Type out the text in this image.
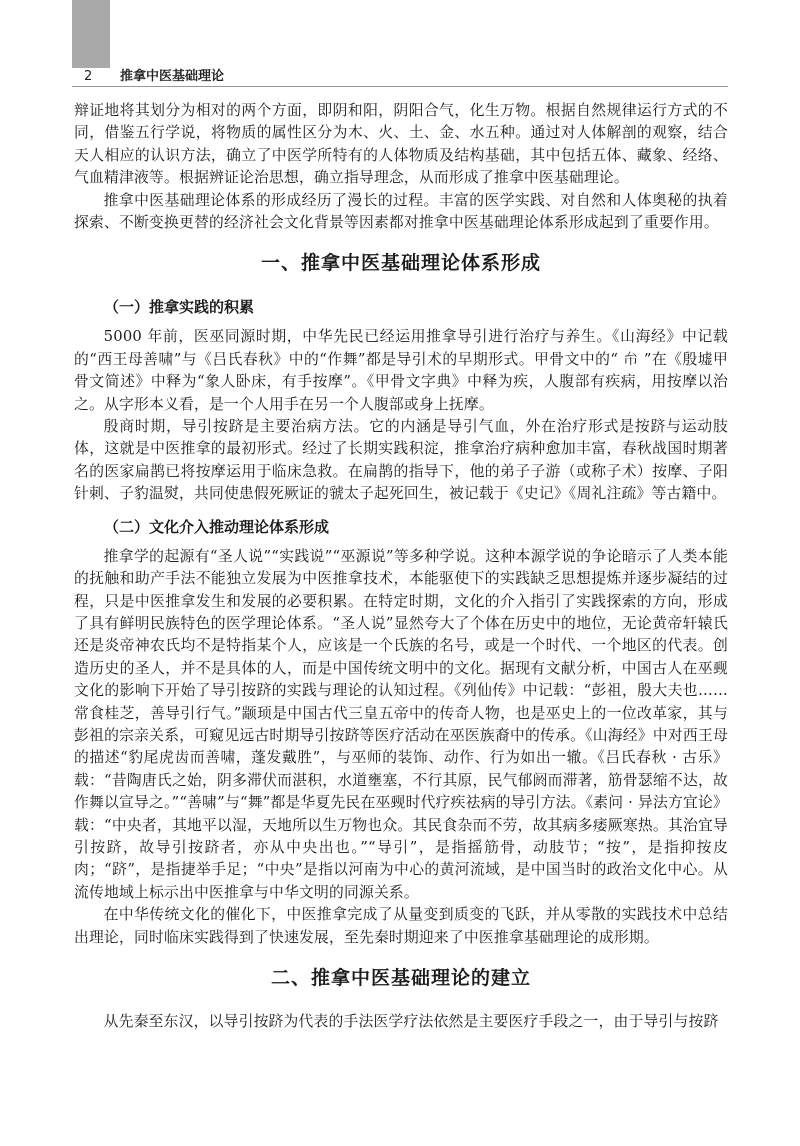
2 推拿中医基础理论

辩证地将其划分为相对的两个方面，即阴和阳，阴阳合气，化生万物。根据自然规律运行方式的不同，借鉴五行学说，将物质的属性区分为木、火、土、金、水五种。通过对人体解剖的观察，结合天人相应的认识方法，确立了中医学所特有的人体物质及结构基础，其中包括五体、藏象、经络、气血精津液等。根据辨证论治思想，确立指导理念，从而形成了推拿中医基础理论。

推拿中医基础理论体系的形成经历了漫长的过程。丰富的医学实践、对自然和人体奥秘的执着探索、不断变换更替的经济社会文化背景等因素都对推拿中医基础理论体系形成起到了重要作用。

一、推拿中医基础理论体系形成
（一）推拿实践的积累

5000 年前，医巫同源时期，中华先民已经运用推拿导引进行治疗与养生。《山海经》中记载的“西王母善啸”与《吕氏春秋》中的“作舞”都是导引术的早期形式。甲骨文中的“ 𢁔 ”在《殷墟甲骨文简述》中释为“象人卧床，有手按摩”。《甲骨文字典》中释为疾，人腹部有疾病，用按摩以治之。从字形本义看，是一个人用手在另一个人腹部或身上抚摩。

殷商时期，导引按跻是主要治病方法。它的内涵是导引气血，外在治疗形式是按跻与运动肢体，这就是中医推拿的最初形式。经过了长期实践积淀，推拿治疗病种愈加丰富，春秋战国时期著名的医家扁鹊已将按摩运用于临床急救。在扁鹊的指导下，他的弟子子游（或称子术）按摩、子阳针刺、子豹温熨，共同使患假死厥证的虢太子起死回生，被记载于《史记》《周礼注疏》等古籍中。

（二）文化介入推动理论体系形成

推拿学的起源有“圣人说”“实践说”“巫源说”等多种学说。这种本源学说的争论暗示了人类本能的抚触和助产手法不能独立发展为中医推拿技术，本能驱使下的实践缺乏思想提炼并逐步凝结的过程，只是中医推拿发生和发展的必要积累。在特定时期，文化的介入指引了实践探索的方向，形成了具有鲜明民族特色的医学理论体系。“圣人说”显然夸大了个体在历史中的地位，无论黄帝轩辕氏还是炎帝神农氏均不是特指某个人，应该是一个氏族的名号，或是一个时代、一个地区的代表。创造历史的圣人，并不是具体的人，而是中国传统文明中的文化。据现有文献分析，中国古人在巫觋文化的影响下开始了导引按跻的实践与理论的认知过程。《列仙传》中记载：“彭祖，殷大夫也……常食桂芝，善导引行气。”颛顼是中国古代三皇五帝中的传奇人物，也是巫史上的一位改革家，其与彭祖的宗亲关系，可窥见远古时期导引按跻等医疗活动在巫医族裔中的传承。《山海经》中对西王母的描述“豹尾虎齿而善啸，蓬发戴胜”，与巫师的装饰、动作、行为如出一辙。《吕氏春秋 · 古乐》载：“昔陶唐氏之始，阴多滞伏而湛积，水道壅塞，不行其原，民气郁阏而滞著，筋骨瑟缩不达，故作舞以宣导之。”“善啸”与“舞”都是华夏先民在巫觋时代疗疾祛病的导引方法。《素问 · 异法方宜论》载：“中央者，其地平以湿，天地所以生万物也众。其民食杂而不劳，故其病多痿厥寒热。其治宜导引按跻，故导引按跻者，亦从中央出也。”“导引”，是指摇筋骨，动肢节；“按”，是指抑按皮肉；“跻”，是指捷举手足；“中央”是指以河南为中心的黄河流域，是中国当时的政治文化中心。从流传地域上标示出中医推拿与中华文明的同源关系。

在中华传统文化的催化下，中医推拿完成了从量变到质变的飞跃，并从零散的实践技术中总结出理论，同时临床实践得到了快速发展，至先秦时期迎来了中医推拿基础理论的成形期。

二、推拿中医基础理论的建立

从先秦至东汉，以导引按跻为代表的手法医学疗法依然是主要医疗手段之一，由于导引与按跻
